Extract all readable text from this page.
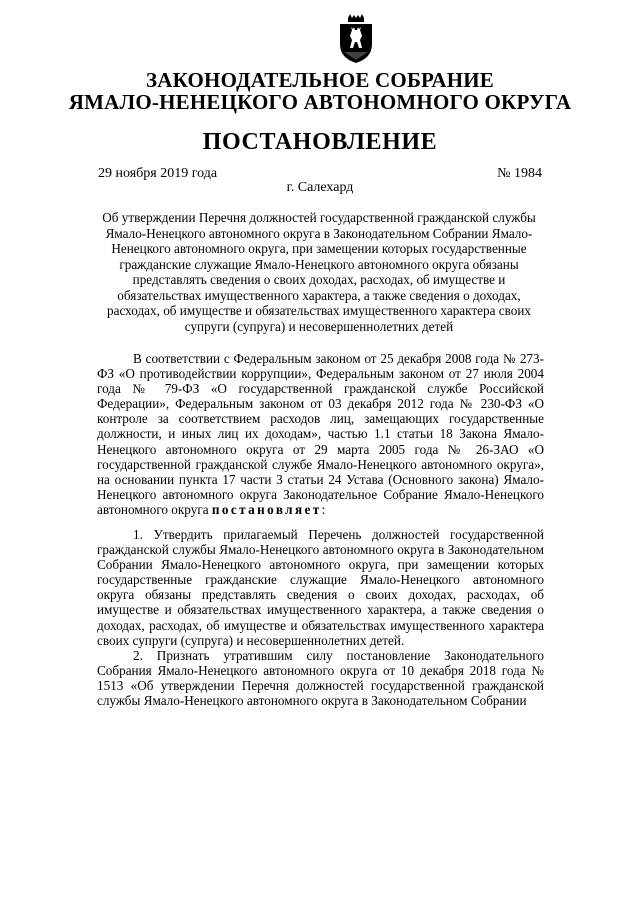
ЗАКОНОДАТЕЛЬНОЕ СОБРАНИЕ
ЯМАЛО-НЕНЕЦКОГО АВТОНОМНОГО ОКРУГА
ПОСТАНОВЛЕНИЕ
29 ноября 2019 года	№ 1984
г. Салехард
Об утверждении Перечня должностей государственной гражданской службы Ямало-Ненецкого автономного округа в Законодательном Собрании Ямало-Ненецкого автономного округа, при замещении которых государственные гражданские служащие Ямало-Ненецкого автономного округа обязаны представлять сведения о своих доходах, расходах, об имуществе и обязательствах имущественного характера, а также сведения о доходах, расходах, об имуществе и обязательствах имущественного характера своих супруги (супруга) и несовершеннолетних детей

В соответствии с Федеральным законом от 25 декабря 2008 года № 273-ФЗ «О противодействии коррупции», Федеральным законом от 27 июля 2004 года № 79-ФЗ «О государственной гражданской службе Российской Федерации», Федеральным законом от 03 декабря 2012 года № 230-ФЗ «О контроле за соответствием расходов лиц, замещающих государственные должности, и иных лиц их доходам», частью 1.1 статьи 18 Закона Ямало-Ненецкого автономного округа от 29 марта 2005 года № 26-ЗАО «О государственной гражданской службе Ямало-Ненецкого автономного округа», на основании пункта 17 части 3 статьи 24 Устава (Основного закона) Ямало-Ненецкого автономного округа Законодательное Собрание Ямало-Ненецкого автономного округа постановляет:

1. Утвердить прилагаемый Перечень должностей государственной гражданской службы Ямало-Ненецкого автономного округа в Законодательном Собрании Ямало-Ненецкого автономного округа, при замещении которых государственные гражданские служащие Ямало-Ненецкого автономного округа обязаны представлять сведения о своих доходах, расходах, об имуществе и обязательствах имущественного характера, а также сведения о доходах, расходах, об имуществе и обязательствах имущественного характера своих супруги (супруга) и несовершеннолетних детей.

2. Признать утратившим силу постановление Законодательного Собрания Ямало-Ненецкого автономного округа от 10 декабря 2018 года № 1513 «Об утверждении Перечня должностей государственной гражданской службы Ямало-Ненецкого автономного округа в Законодательном Собрании
